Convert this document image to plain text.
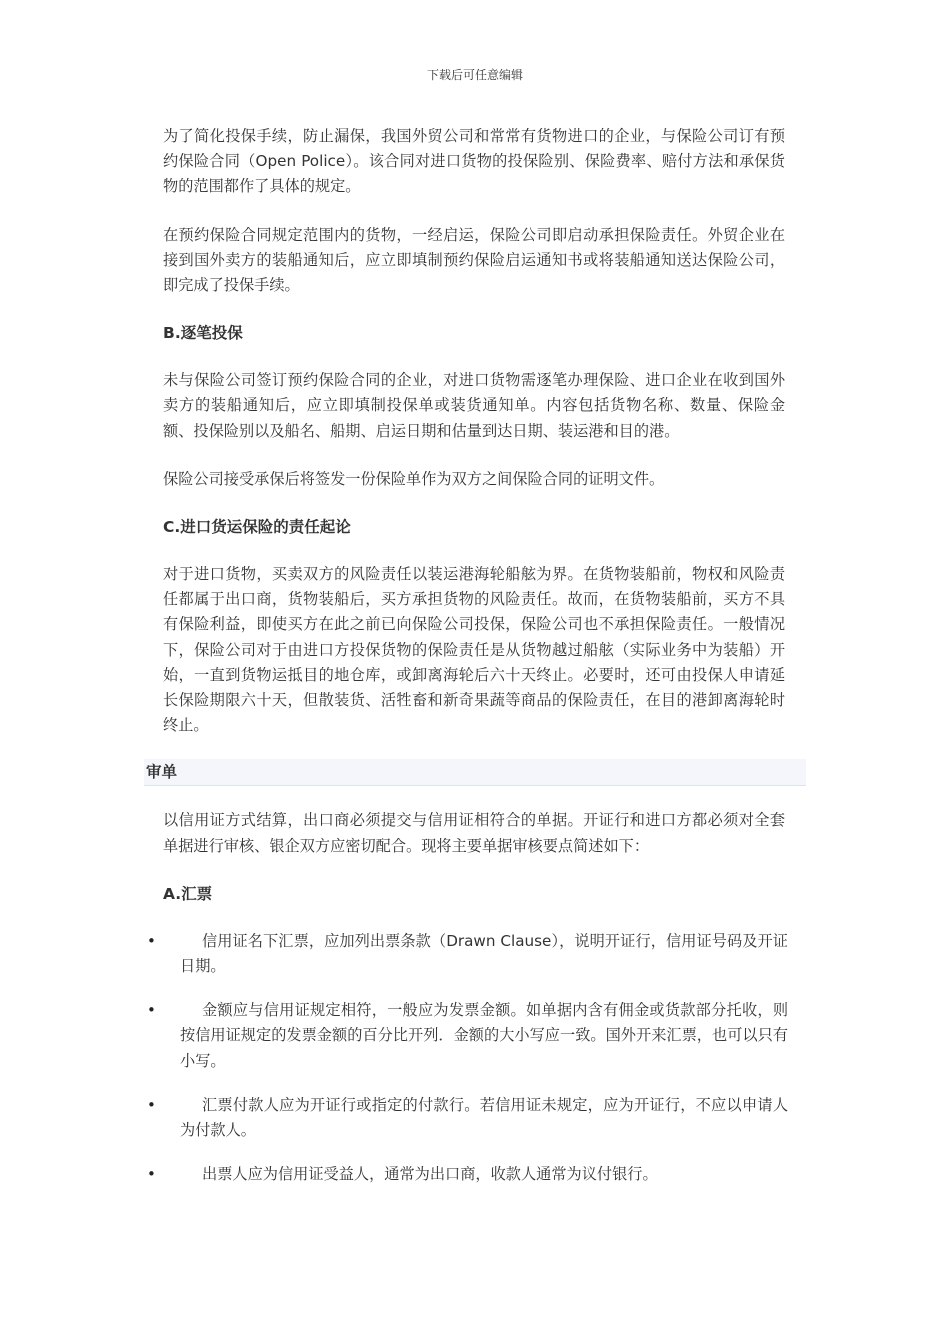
下载后可任意编辑

为了简化投保手续，防止漏保，我国外贸公司和常常有货物进口的企业，与保险公司订有预约保险合同（Open Police）。该合同对进口货物的投保险别、保险费率、赔付方法和承保货物的范围都作了具体的规定。

在预约保险合同规定范围内的货物，一经启运，保险公司即启动承担保险责任。外贸企业在接到国外卖方的装船通知后，应立即填制预约保险启运通知书或将装船通知送达保险公司，即完成了投保手续。

B.逐笔投保

未与保险公司签订预约保险合同的企业，对进口货物需逐笔办理保险、进口企业在收到国外卖方的装船通知后，应立即填制投保单或装货通知单。内容包括货物名称、数量、保险金额、投保险别以及船名、船期、启运日期和估量到达日期、装运港和目的港。

保险公司接受承保后将签发一份保险单作为双方之间保险合同的证明文件。

C.进口货运保险的责任起论

对于进口货物，买卖双方的风险责任以装运港海轮船舷为界。在货物装船前，物权和风险责任都属于出口商，货物装船后，买方承担货物的风险责任。故而，在货物装船前，买方不具有保险利益，即使买方在此之前已向保险公司投保，保险公司也不承担保险责任。一般情况下，保险公司对于由进口方投保货物的保险责任是从货物越过船舷（实际业务中为装船）开始，一直到货物运抵目的地仓库，或卸离海轮后六十天终止。必要时，还可由投保人申请延长保险期限六十天，但散装货、活牲畜和新奇果蔬等商品的保险责任，在目的港卸离海轮时终止。

审单

以信用证方式结算，出口商必须提交与信用证相符合的单据。开证行和进口方都必须对全套单据进行审核、银企双方应密切配合。现将主要单据审核要点简述如下：

A.汇票
•	信用证名下汇票，应加列出票条款（Drawn Clause），说明开证行，信用证号码及开证日期。
•	金额应与信用证规定相符，一般应为发票金额。如单据内含有佣金或货款部分托收，则按信用证规定的发票金额的百分比开列．金额的大小写应一致。国外开来汇票，也可以只有小写。
•	汇票付款人应为开证行或指定的付款行。若信用证未规定，应为开证行，不应以申请人为付款人。
•	出票人应为信用证受益人，通常为出口商，收款人通常为议付银行。
